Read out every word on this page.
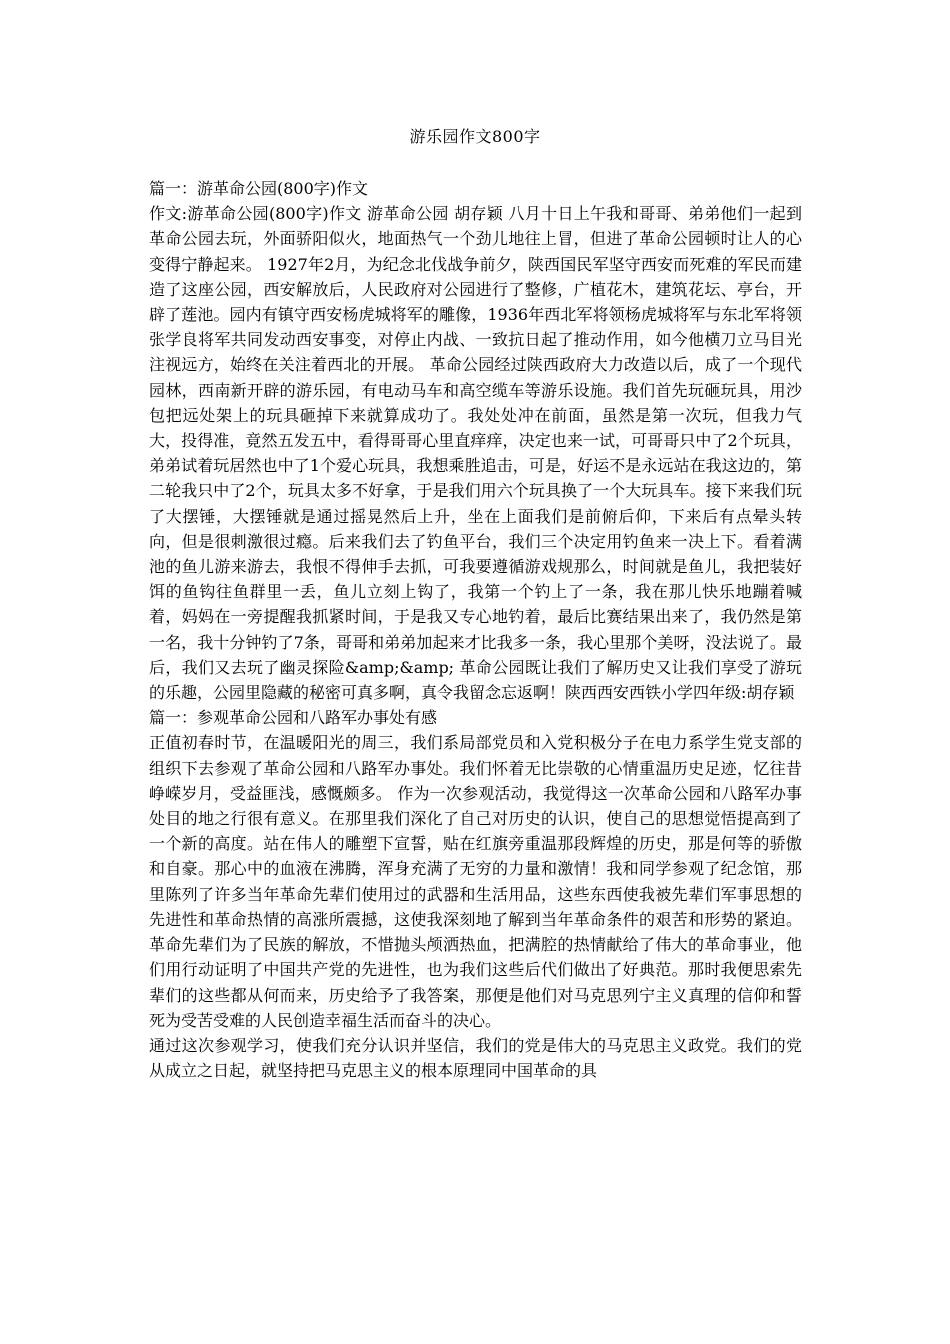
游乐园作文800字

篇一：游革命公园(800字)作文

作文:游革命公园(800字)作文 游革命公园 胡存颖 八月十日上午我和哥哥、弟弟他们一起到革命公园去玩，外面骄阳似火，地面热气一个劲儿地往上冒，但进了革命公园顿时让人的心变得宁静起来。 1927年2月，为纪念北伐战争前夕，陕西国民军坚守西安而死难的军民而建造了这座公园，西安解放后，人民政府对公园进行了整修，广植花木，建筑花坛、亭台，开辟了莲池。园内有镇守西安杨虎城将军的雕像，1936年西北军将领杨虎城将军与东北军将领张学良将军共同发动西安事变，对停止内战、一致抗日起了推动作用，如今他横刀立马目光注视远方，始终在关注着西北的开展。 革命公园经过陕西政府大力改造以后，成了一个现代园林，西南新开辟的游乐园，有电动马车和高空缆车等游乐设施。我们首先玩砸玩具，用沙包把远处架上的玩具砸掉下来就算成功了。我处处冲在前面，虽然是第一次玩，但我力气大，投得准，竟然五发五中，看得哥哥心里直痒痒，决定也来一试，可哥哥只中了2个玩具，弟弟试着玩居然也中了1个爱心玩具，我想乘胜追击，可是，好运不是永远站在我这边的，第二轮我只中了2个，玩具太多不好拿，于是我们用六个玩具换了一个大玩具车。接下来我们玩了大摆锤，大摆锤就是通过摇晃然后上升，坐在上面我们是前俯后仰，下来后有点晕头转向，但是很刺激很过瘾。后来我们去了钓鱼平台，我们三个决定用钓鱼来一决上下。看着满池的鱼儿游来游去，我恨不得伸手去抓，可我要遵循游戏规那么，时间就是鱼儿，我把装好饵的鱼钩往鱼群里一丢，鱼儿立刻上钩了，我第一个钓上了一条，我在那儿快乐地蹦着喊着，妈妈在一旁提醒我抓紧时间，于是我又专心地钓着，最后比赛结果出来了，我仍然是第一名，我十分钟钓了7条，哥哥和弟弟加起来才比我多一条，我心里那个美呀，没法说了。最后，我们又去玩了幽灵探险&amp;&amp; 革命公园既让我们了解历史又让我们享受了游玩的乐趣，公园里隐藏的秘密可真多啊，真令我留念忘返啊！陕西西安西铁小学四年级:胡存颖

篇一：参观革命公园和八路军办事处有感

正值初春时节，在温暖阳光的周三，我们系局部党员和入党积极分子在电力系学生党支部的组织下去参观了革命公园和八路军办事处。我们怀着无比崇敬的心情重温历史足迹，忆往昔峥嵘岁月，受益匪浅，感慨颇多。 作为一次参观活动，我觉得这一次革命公园和八路军办事处目的地之行很有意义。在那里我们深化了自己对历史的认识，使自己的思想觉悟提高到了一个新的高度。站在伟人的雕塑下宣誓，贴在红旗旁重温那段辉煌的历史，那是何等的骄傲和自豪。那心中的血液在沸腾，浑身充满了无穷的力量和激情！我和同学参观了纪念馆，那里陈列了许多当年革命先辈们使用过的武器和生活用品，这些东西使我被先辈们军事思想的先进性和革命热情的高涨所震撼，这使我深刻地了解到当年革命条件的艰苦和形势的紧迫。革命先辈们为了民族的解放，不惜抛头颅洒热血，把满腔的热情献给了伟大的革命事业，他们用行动证明了中国共产党的先进性，也为我们这些后代们做出了好典范。那时我便思索先辈们的这些都从何而来，历史给予了我答案，那便是他们对马克思列宁主义真理的信仰和誓死为受苦受难的人民创造幸福生活而奋斗的决心。

通过这次参观学习，使我们充分认识并坚信，我们的党是伟大的马克思主义政党。我们的党从成立之日起，就坚持把马克思主义的根本原理同中国革命的具
